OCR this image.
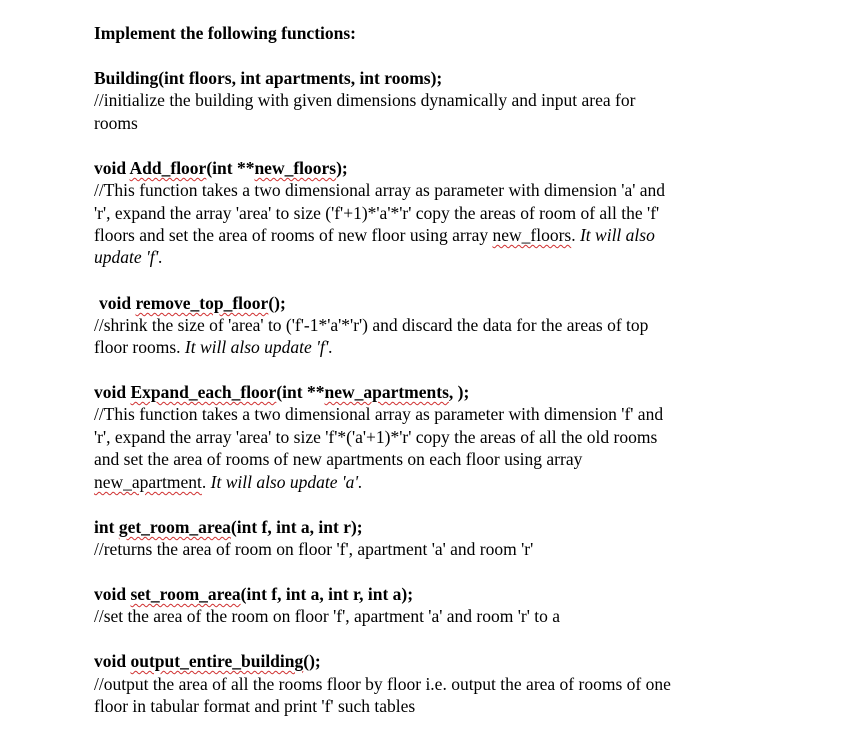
Implement the following functions:
Building(int floors, int apartments, int rooms);
//initialize the building with given dimensions dynamically and input area for
rooms
void Add_floor(int **new_floors);
//This function takes a two dimensional array as parameter with dimension 'a' and
'r', expand the array 'area' to size ('f'+1)*'a'*'r' copy the areas of room of all the 'f'
floors and set the area of rooms of new floor using array new_floors. It will also
update 'f'.
void remove_top_floor();
//shrink the size of 'area' to ('f'-1*'a'*'r') and discard the data for the areas of top
floor rooms. It will also update 'f'.
void Expand_each_floor(int **new_apartments, );
//This function takes a two dimensional array as parameter with dimension 'f' and
'r', expand the array 'area' to size 'f'*('a'+1)*'r' copy the areas of all the old rooms
and set the area of rooms of new apartments on each floor using array
new_apartment. It will also update 'a'.
int get_room_area(int f, int a, int r);
//returns the area of room on floor 'f', apartment 'a' and room 'r'
void set_room_area(int f, int a, int r, int a);
//set the area of the room on floor 'f', apartment 'a' and room 'r' to a
void output_entire_building();
//output the area of all the rooms floor by floor i.e. output the area of rooms of one
floor in tabular format and print 'f' such tables
